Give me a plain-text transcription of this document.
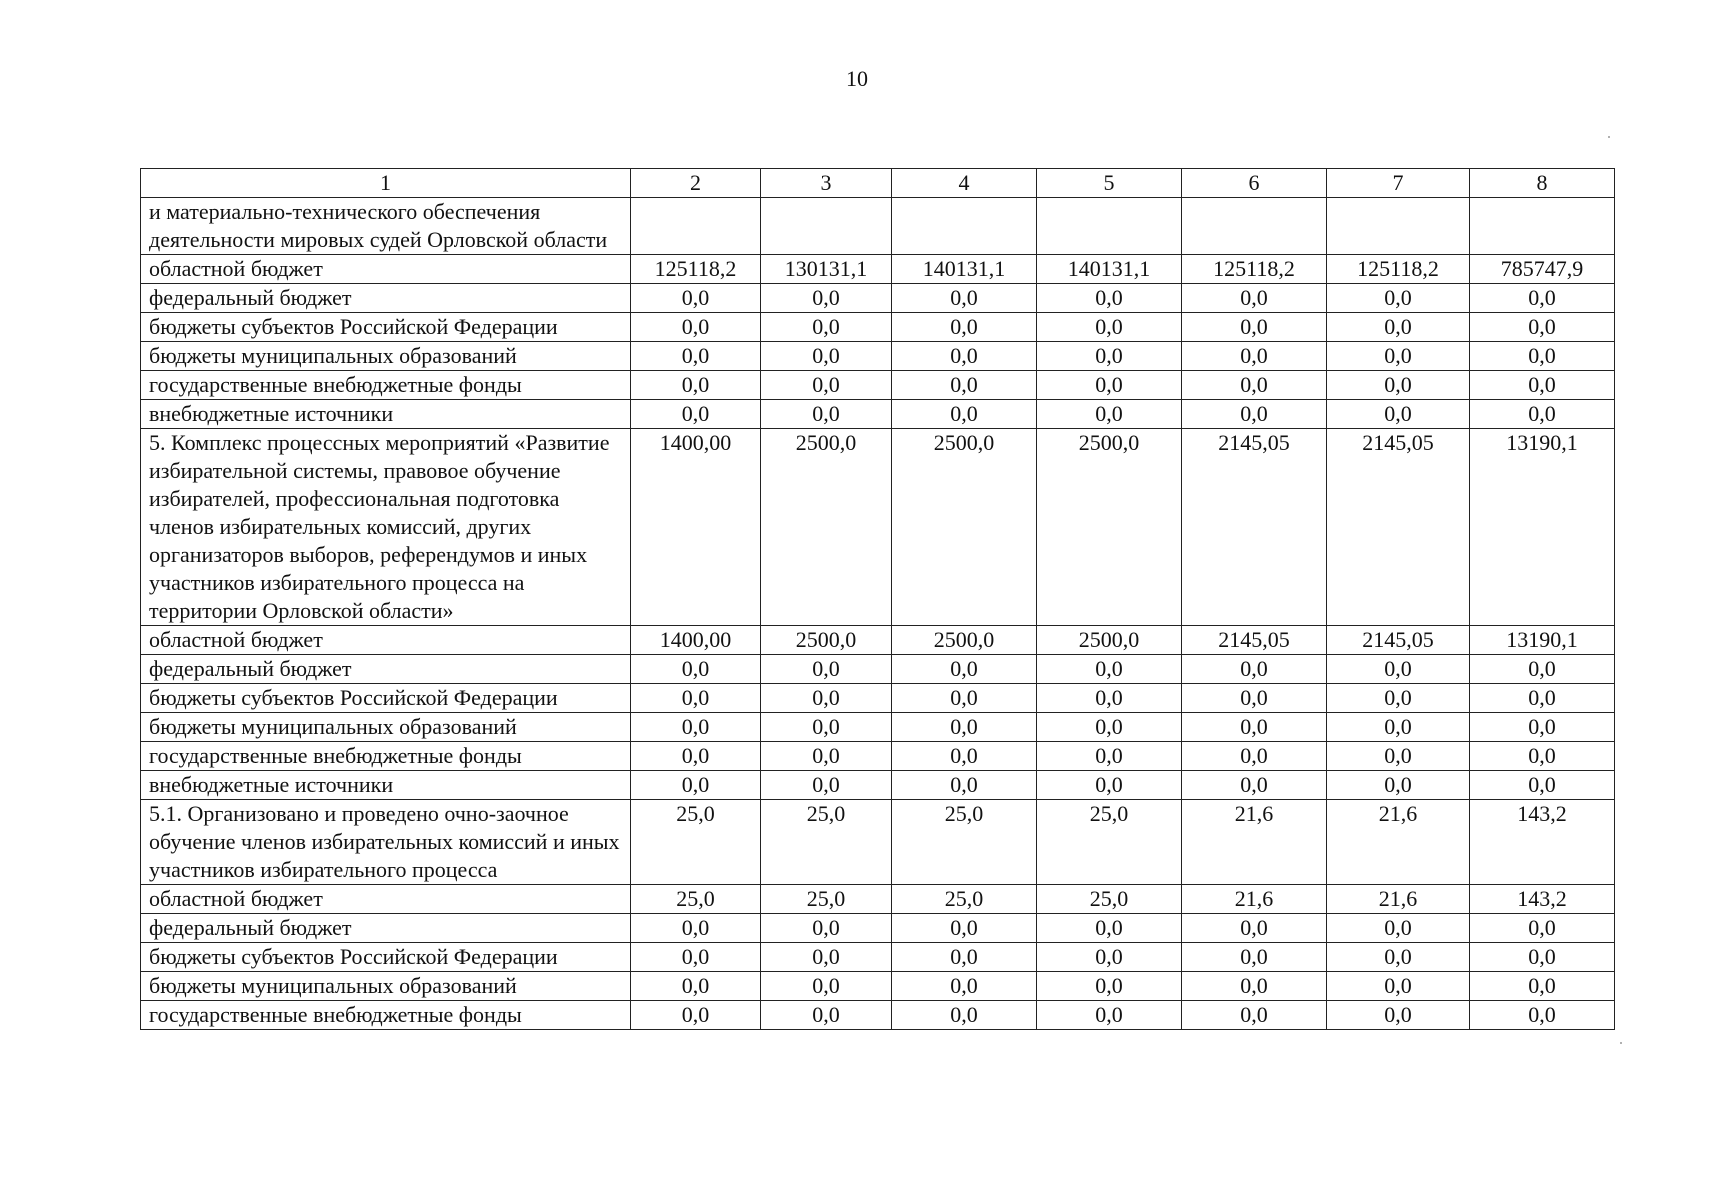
10
1	2	3	4	5	6	7	8
и материально-технического обеспечения деятельности мировых судей Орловской области							
областной бюджет	125118,2	130131,1	140131,1	140131,1	125118,2	125118,2	785747,9
федеральный бюджет	0,0	0,0	0,0	0,0	0,0	0,0	0,0
бюджеты субъектов Российской Федерации	0,0	0,0	0,0	0,0	0,0	0,0	0,0
бюджеты муниципальных образований	0,0	0,0	0,0	0,0	0,0	0,0	0,0
государственные внебюджетные фонды	0,0	0,0	0,0	0,0	0,0	0,0	0,0
внебюджетные источники	0,0	0,0	0,0	0,0	0,0	0,0	0,0
5. Комплекс процессных мероприятий «Развитие избирательной системы, правовое обучение избирателей, профессиональная подготовка членов избирательных комиссий, других организаторов выборов, референдумов и иных участников избирательного процесса на территории Орловской области»	1400,00	2500,0	2500,0	2500,0	2145,05	2145,05	13190,1
областной бюджет	1400,00	2500,0	2500,0	2500,0	2145,05	2145,05	13190,1
федеральный бюджет	0,0	0,0	0,0	0,0	0,0	0,0	0,0
бюджеты субъектов Российской Федерации	0,0	0,0	0,0	0,0	0,0	0,0	0,0
бюджеты муниципальных образований	0,0	0,0	0,0	0,0	0,0	0,0	0,0
государственные внебюджетные фонды	0,0	0,0	0,0	0,0	0,0	0,0	0,0
внебюджетные источники	0,0	0,0	0,0	0,0	0,0	0,0	0,0
5.1. Организовано и проведено очно-заочное обучение членов избирательных комиссий и иных участников избирательного процесса	25,0	25,0	25,0	25,0	21,6	21,6	143,2
областной бюджет	25,0	25,0	25,0	25,0	21,6	21,6	143,2
федеральный бюджет	0,0	0,0	0,0	0,0	0,0	0,0	0,0
бюджеты субъектов Российской Федерации	0,0	0,0	0,0	0,0	0,0	0,0	0,0
бюджеты муниципальных образований	0,0	0,0	0,0	0,0	0,0	0,0	0,0
государственные внебюджетные фонды	0,0	0,0	0,0	0,0	0,0	0,0	0,0
